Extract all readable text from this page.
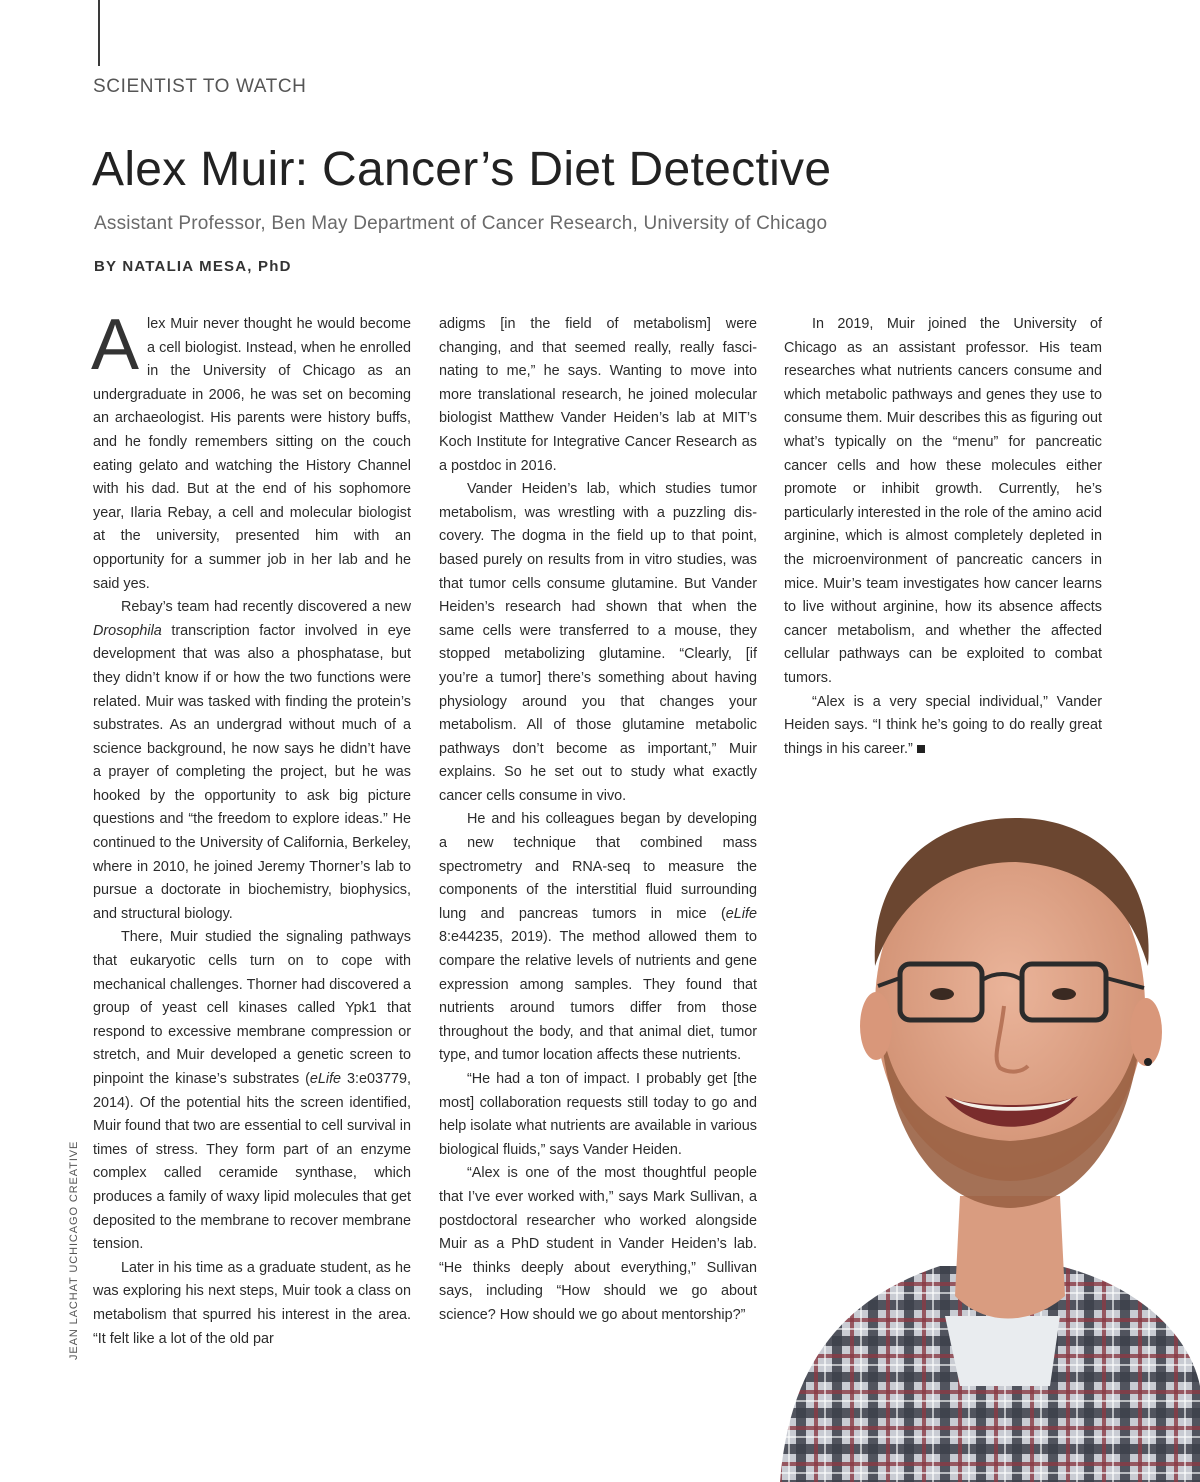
SCIENTIST TO WATCH
Alex Muir: Cancer’s Diet Detective
Assistant Professor, Ben May Department of Cancer Research, University of Chicago
BY NATALIA MESA, PhD

Alex Muir never thought he would become a cell biologist. Instead, when he enrolled in the University of Chicago as an undergraduate in 2006, he was set on becoming an archaeologist. His parents were history buffs, and he fondly remembers sitting on the couch eating gelato and watching the History Channel with his dad. But at the end of his sophomore year, Ilaria Rebay, a cell and molecular biologist at the university, presented him with an opportunity for a summer job in her lab and he said yes.

Rebay’s team had recently discovered a new Drosophila transcription factor involved in eye development that was also a phosphatase, but they didn’t know if or how the two functions were related. Muir was tasked with finding the protein’s substrates. As an undergrad without much of a science background, he now says he didn’t have a prayer of completing the project, but he was hooked by the opportunity to ask big picture questions and “the freedom to explore ideas.” He continued to the University of California, Berkeley, where in 2010, he joined Jeremy Thorner’s lab to pursue a doctorate in biochemistry, biophysics, and structural biology.

There, Muir studied the signaling pathways that eukaryotic cells turn on to cope with mechanical challenges. Thorner had discovered a group of yeast cell kinases called Ypk1 that respond to excessive membrane compression or stretch, and Muir developed a genetic screen to pinpoint the kinase’s substrates (eLife 3:e03779, 2014). Of the potential hits the screen identified, Muir found that two are essential to cell survival in times of stress. They form part of an enzyme complex called ceramide synthase, which produces a family of waxy lipid molecules that get deposited to the membrane to recover membrane tension.

Later in his time as a graduate student, as he was exploring his next steps, Muir took a class on metabolism that spurred his interest in the area. “It felt like a lot of the old par

adigms [in the field of metabolism] were changing, and that seemed really, really fascinating to me,” he says. Wanting to move into more translational research, he joined molecular biologist Matthew Vander Heiden’s lab at MIT’s Koch Institute for Integrative Cancer Research as a postdoc in 2016.

Vander Heiden’s lab, which studies tumor metabolism, was wrestling with a puzzling discovery. The dogma in the field up to that point, based purely on results from in vitro studies, was that tumor cells consume glutamine. But Vander Heiden’s research had shown that when the same cells were transferred to a mouse, they stopped metabolizing glutamine. “Clearly, [if you’re a tumor] there’s something about having physiology around you that changes your metabolism. All of those glutamine metabolic pathways don’t become as important,” Muir explains. So he set out to study what exactly cancer cells consume in vivo.

He and his colleagues began by developing a new technique that combined mass spectrometry and RNA-seq to measure the components of the interstitial fluid surrounding lung and pancreas tumors in mice (eLife 8:e44235, 2019). The method allowed them to compare the relative levels of nutrients and gene expression among samples. They found that nutrients around tumors differ from those throughout the body, and that animal diet, tumor type, and tumor location affects these nutrients.

“He had a ton of impact. I probably get [the most] collaboration requests still today to go and help isolate what nutrients are available in various biological fluids,” says Vander Heiden.

“Alex is one of the most thoughtful people that I’ve ever worked with,” says Mark Sullivan, a postdoctoral researcher who worked alongside Muir as a PhD student in Vander Heiden’s lab. “He thinks deeply about everything,” Sullivan says, including “How should we go about science? How should we go about mentorship?”

In 2019, Muir joined the University of Chicago as an assistant professor. His team researches what nutrients cancers consume and which metabolic pathways and genes they use to consume them. Muir describes this as figuring out what’s typically on the “menu” for pancreatic cancer cells and how these molecules either promote or inhibit growth. Currently, he’s particularly interested in the role of the amino acid arginine, which is almost completely depleted in the microenvironment of pancreatic cancers in mice. Muir’s team investigates how cancer learns to live without arginine, how its absence affects cancer metabolism, and whether the affected cellular pathways can be exploited to combat tumors.

“Alex is a very special individual,” Vander Heiden says. “I think he’s going to do really great things in his career.”

JEAN LACHAT UCHICAGO CREATIVE
